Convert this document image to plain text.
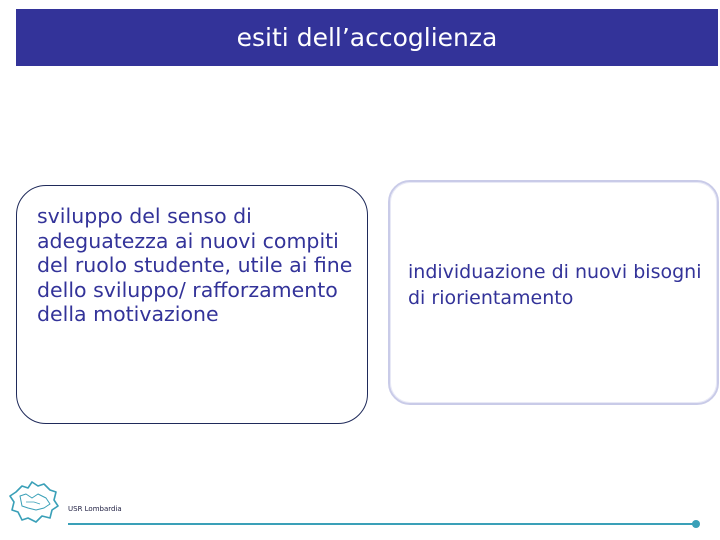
esiti dell’accoglienza
sviluppo del senso di adeguatezza ai nuovi compiti del ruolo studente, utile ai fine dello sviluppo/ rafforzamento della motivazione
individuazione di nuovi bisogni di riorientamento
USR Lombardia
